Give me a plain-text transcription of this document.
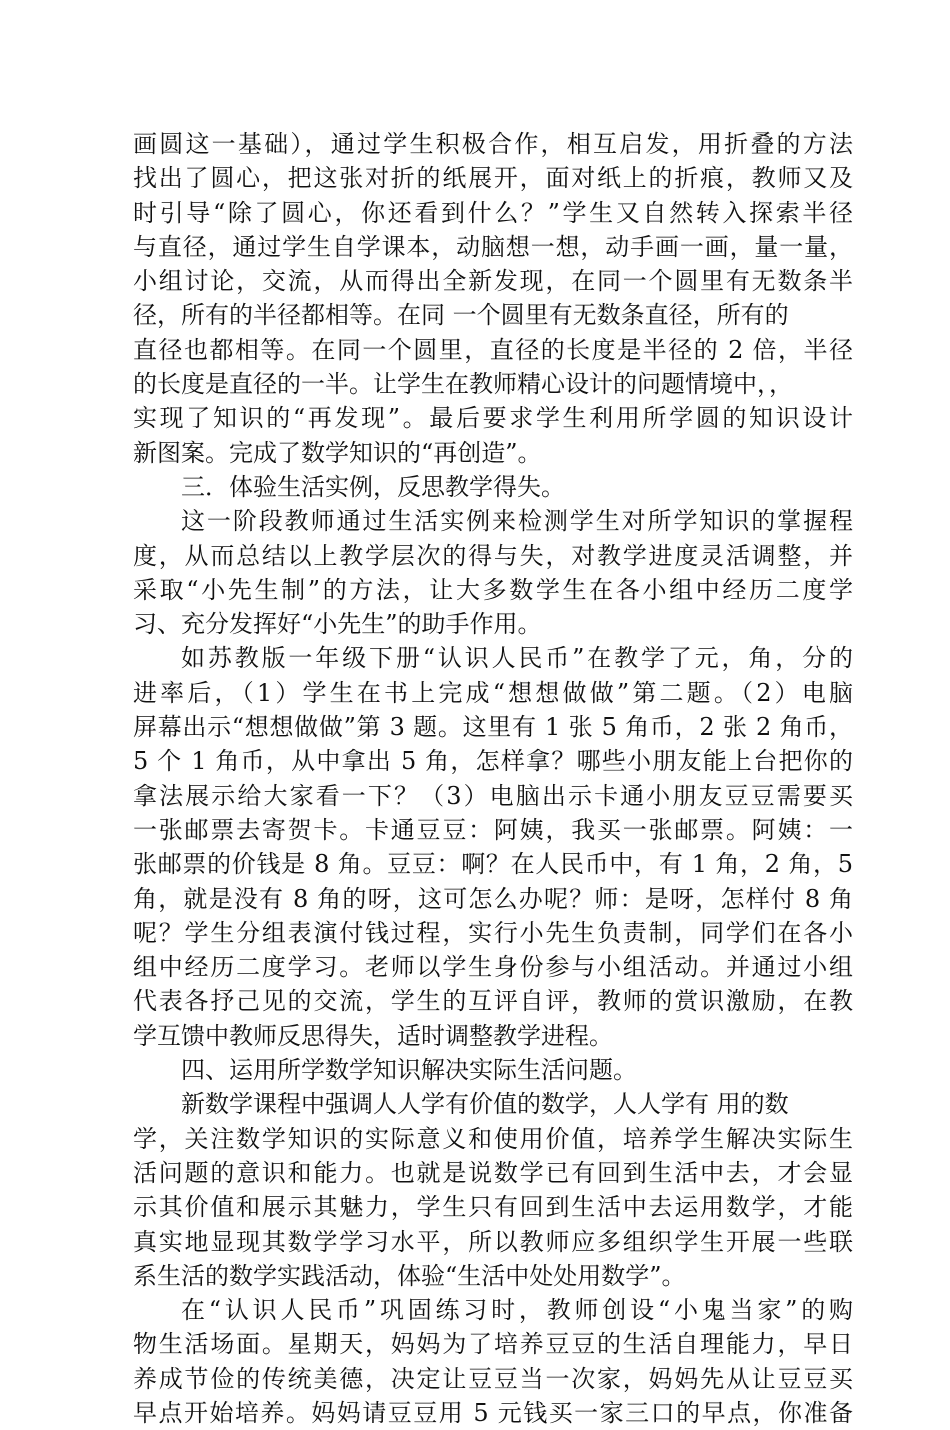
画圆这一基础），通过学生积极合作，相互启发，用折叠的方法
找出了圆心，把这张对折的纸展开，面对纸上的折痕，教师又及
时引导“除了圆心，你还看到什么？”学生又自然转入探索半径
与直径，通过学生自学课本，动脑想一想，动手画一画，量一量，
小组讨论，交流，从而得出全新发现，在同一个圆里有无数条半
径，所有的半径都相等。在同 一个圆里有无数条直径，所有的
直径也都相等。在同一个圆里，直径的长度是半径的 2 倍，半径
的长度是直径的一半。让学生在教师精心设计的问题情境中，，
实现了知识的“再发现”。最后要求学生利用所学圆的知识设计
新图案。完成了数学知识的“再创造”。
三．体验生活实例，反思教学得失。
这一阶段教师通过生活实例来检测学生对所学知识的掌握程
度，从而总结以上教学层次的得与失，对教学进度灵活调整，并
采取“小先生制”的方法，让大多数学生在各小组中经历二度学
习、充分发挥好“小先生”的助手作用。
如苏教版一年级下册“认识人民币”在教学了元，角，分的
进率后，（1）学生在书上完成“想想做做”第二题。（2）电脑
屏幕出示“想想做做”第 3 题。这里有 1 张 5 角币，2 张 2 角币，
5 个 1 角币，从中拿出 5 角，怎样拿？哪些小朋友能上台把你的
拿法展示给大家看一下？（3）电脑出示卡通小朋友豆豆需要买
一张邮票去寄贺卡。卡通豆豆：阿姨，我买一张邮票。阿姨：一
张邮票的价钱是 8 角。豆豆：啊？在人民币中，有 1 角，2 角，5
角，就是没有 8 角的呀，这可怎么办呢？师：是呀，怎样付 8 角
呢？学生分组表演付钱过程，实行小先生负责制，同学们在各小
组中经历二度学习。老师以学生身份参与小组活动。并通过小组
代表各抒己见的交流，学生的互评自评，教师的赏识激励，在教
学互馈中教师反思得失，适时调整教学进程。
四、运用所学数学知识解决实际生活问题。
新数学课程中强调人人学有价值的数学，人人学有 用的数
学，关注数学知识的实际意义和使用价值，培养学生解决实际生
活问题的意识和能力。也就是说数学已有回到生活中去，才会显
示其价值和展示其魅力，学生只有回到生活中去运用数学，才能
真实地显现其数学学习水平，所以教师应多组织学生开展一些联
系生活的数学实践活动，体验“生活中处处用数学”。
在“认识人民币”巩固练习时，教师创设“小鬼当家”的购
物生活场面。星期天，妈妈为了培养豆豆的生活自理能力，早日
养成节俭的传统美德，决定让豆豆当一次家，妈妈先从让豆豆买
早点开始培养。妈妈请豆豆用 5 元钱买一家三口的早点，你准备
